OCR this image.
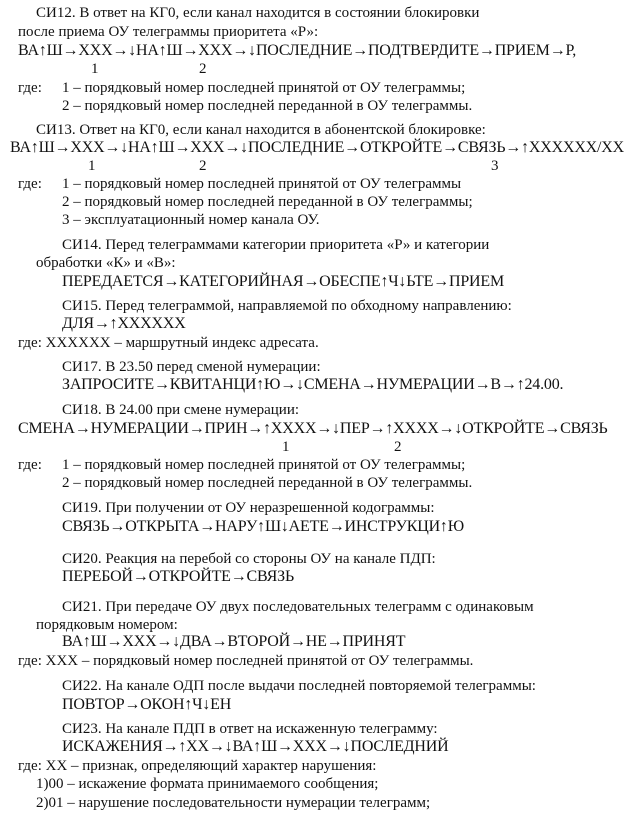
СИ12. В ответ на КГ0, если канал находится в состоянии блокировки
после приема ОУ телеграммы приоритета «Р»:
ВА↑Ш→ХХХ→↓НА↑Ш→ХХХ→↓ПОСЛЕДНИЕ→ПОДТВЕРДИТЕ→ПРИЕМ→Р,
1	2
где: 1 – порядковый номер последней принятой от ОУ телеграммы;
2 – порядковый номер последней переданной в ОУ телеграммы.
СИ13. Ответ на КГ0, если канал находится в абонентской блокировке:
ВА↑Ш→ХХХ→↓НА↑Ш→ХХХ→↓ПОСЛЕДНИЕ→ОТКРОЙТЕ→СВЯЗЬ→↑ХХХХХХ/ХХ
1	2	3
где: 1 – порядковый номер последней принятой от ОУ телеграммы
2 – порядковый номер последней переданной в ОУ телеграммы;
3 – эксплуатационный номер канала ОУ.
СИ14. Перед телеграммами категории приоритета «Р» и категории
обработки «К» и «В»:
ПЕРЕДАЕТСЯ→КАТЕГОРИЙНАЯ→ОБЕСПЕ↑Ч↓ЬТЕ→ПРИЕМ
СИ15. Перед телеграммой, направляемой по обходному направлению:
ДЛЯ→↑ХХХХХХ
где: ХХХХХХ – маршрутный индекс адресата.
СИ17. В 23.50 перед сменой нумерации:
ЗАПРОСИТЕ→КВИТАНЦИ↑Ю→↓СМЕНА→НУМЕРАЦИИ→В→↑24.00.
СИ18. В 24.00 при смене нумерации:
СМЕНА→НУМЕРАЦИИ→ПРИН→↑ХХХХ→↓ПЕР→↑ХХХХ→↓ОТКРОЙТЕ→СВЯЗЬ
1	2
где: 1 – порядковый номер последней принятой от ОУ телеграммы;
2 – порядковый номер последней переданной в ОУ телеграммы.
СИ19. При получении от ОУ неразрешенной кодограммы:
СВЯЗЬ→ОТКРЫТА→НАРУ↑Ш↓АЕТЕ→ИНСТРУКЦИ↑Ю
СИ20. Реакция на перебой со стороны ОУ на канале ПДП:
ПЕРЕБОЙ→ОТКРОЙТЕ→СВЯЗЬ
СИ21. При передаче ОУ двух последовательных телеграмм с одинаковым
порядковым номером:
ВА↑Ш→ХХХ→↓ДВА→ВТОРОЙ→НЕ→ПРИНЯТ
где: ХХХ – порядковый номер последней принятой от ОУ телеграммы.
СИ22. На канале ОДП после выдачи последней повторяемой телеграммы:
ПОВТОР→ОКОН↑Ч↓ЕН
СИ23. На канале ПДП в ответ на искаженную телеграмму:
ИСКАЖЕНИЯ→↑ХХ→↓ВА↑Ш→ХХХ→↓ПОСЛЕДНИЙ
где: ХХ – признак, определяющий характер нарушения:
1)00 – искажение формата принимаемого сообщения;
2)01 – нарушение последовательности нумерации телеграмм;
